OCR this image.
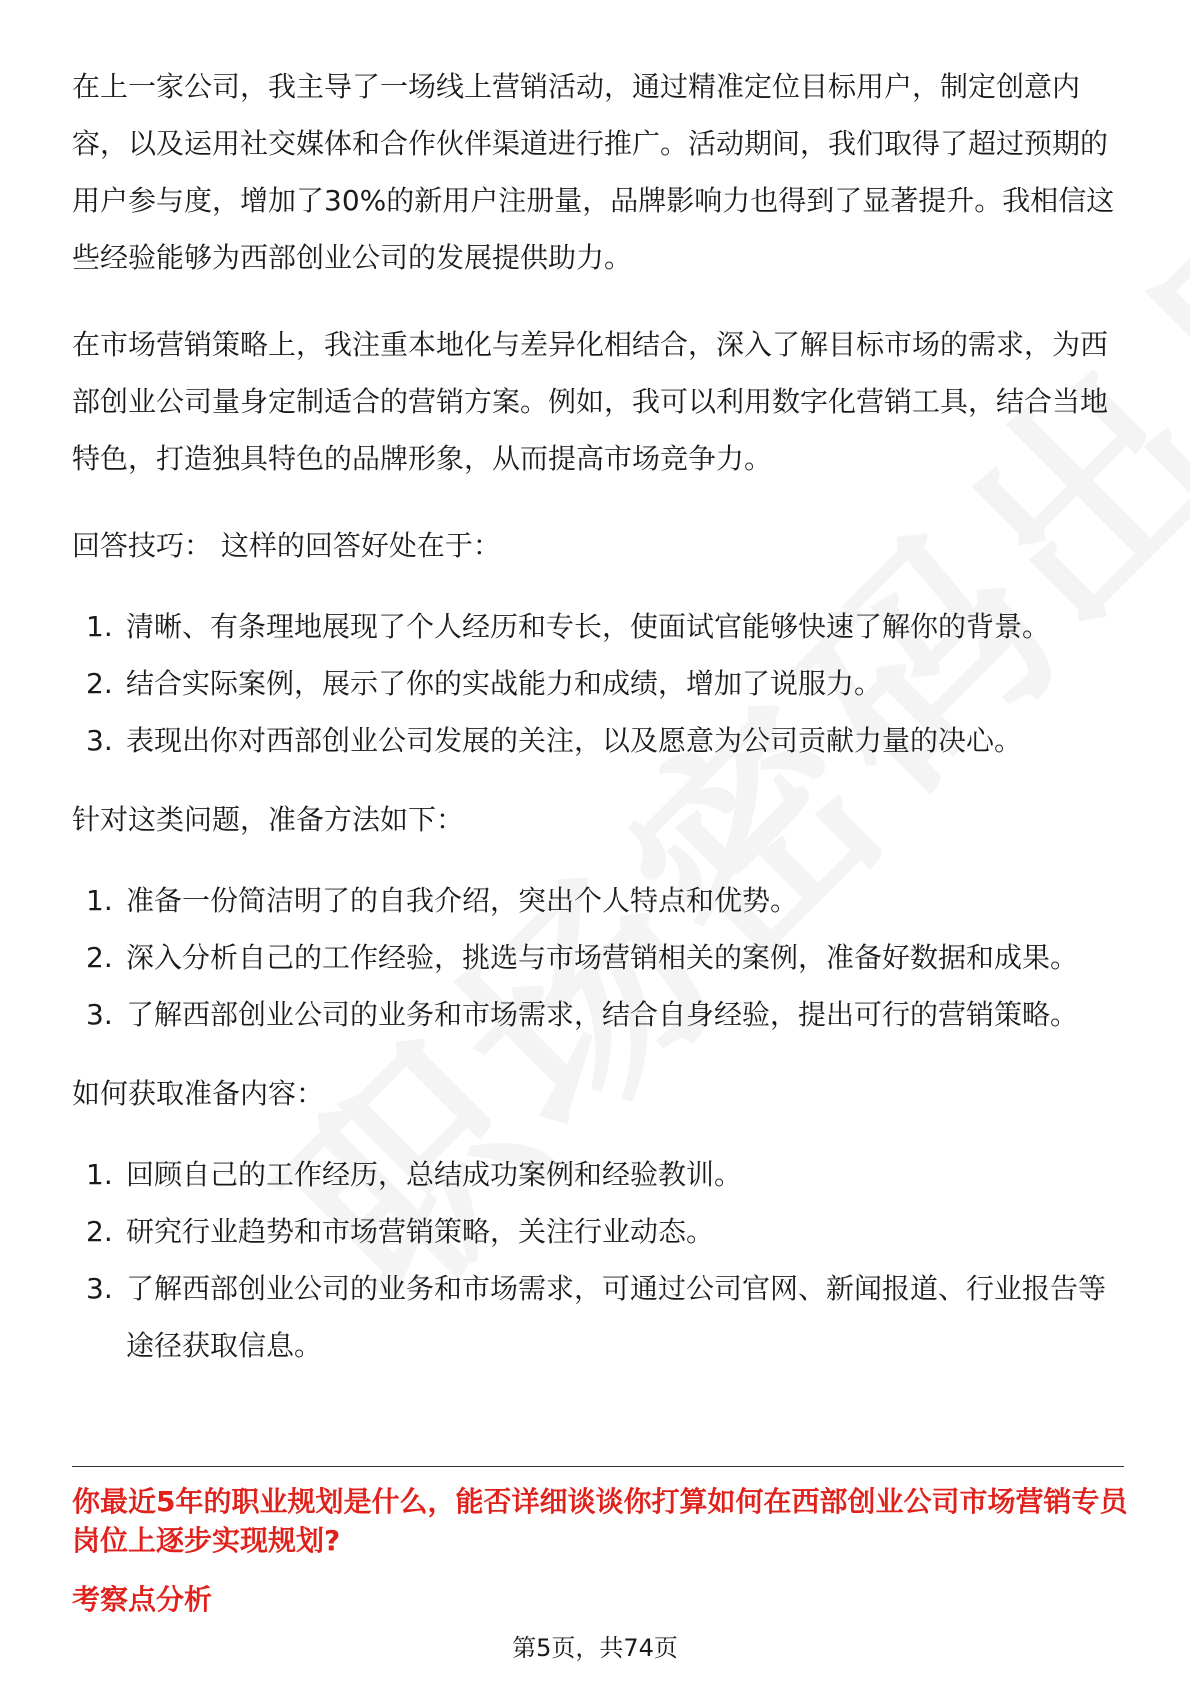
在上一家公司，我主导了一场线上营销活动，通过精准定位目标用户，制定创意内容，以及运用社交媒体和合作伙伴渠道进行推广。活动期间，我们取得了超过预期的用户参与度，增加了30%的新用户注册量，品牌影响力也得到了显著提升。我相信这些经验能够为西部创业公司的发展提供助力。

在市场营销策略上，我注重本地化与差异化相结合，深入了解目标市场的需求，为西部创业公司量身定制适合的营销方案。例如，我可以利用数字化营销工具，结合当地特色，打造独具特色的品牌形象，从而提高市场竞争力。

回答技巧： 这样的回答好处在于：

1. 清晰、有条理地展现了个人经历和专长，使面试官能够快速了解你的背景。
2. 结合实际案例，展示了你的实战能力和成绩，增加了说服力。
3. 表现出你对西部创业公司发展的关注，以及愿意为公司贡献力量的决心。

针对这类问题，准备方法如下：

1. 准备一份简洁明了的自我介绍，突出个人特点和优势。
2. 深入分析自己的工作经验，挑选与市场营销相关的案例，准备好数据和成果。
3. 了解西部创业公司的业务和市场需求，结合自身经验，提出可行的营销策略。

如何获取准备内容：

1. 回顾自己的工作经历，总结成功案例和经验教训。
2. 研究行业趋势和市场营销策略，关注行业动态。
3. 了解西部创业公司的业务和市场需求，可通过公司官网、新闻报道、行业报告等途径获取信息。
你最近5年的职业规划是什么，能否详细谈谈你打算如何在西部创业公司市场营销专员岗位上逐步实现规划?
考察点分析
第5页，共74页
